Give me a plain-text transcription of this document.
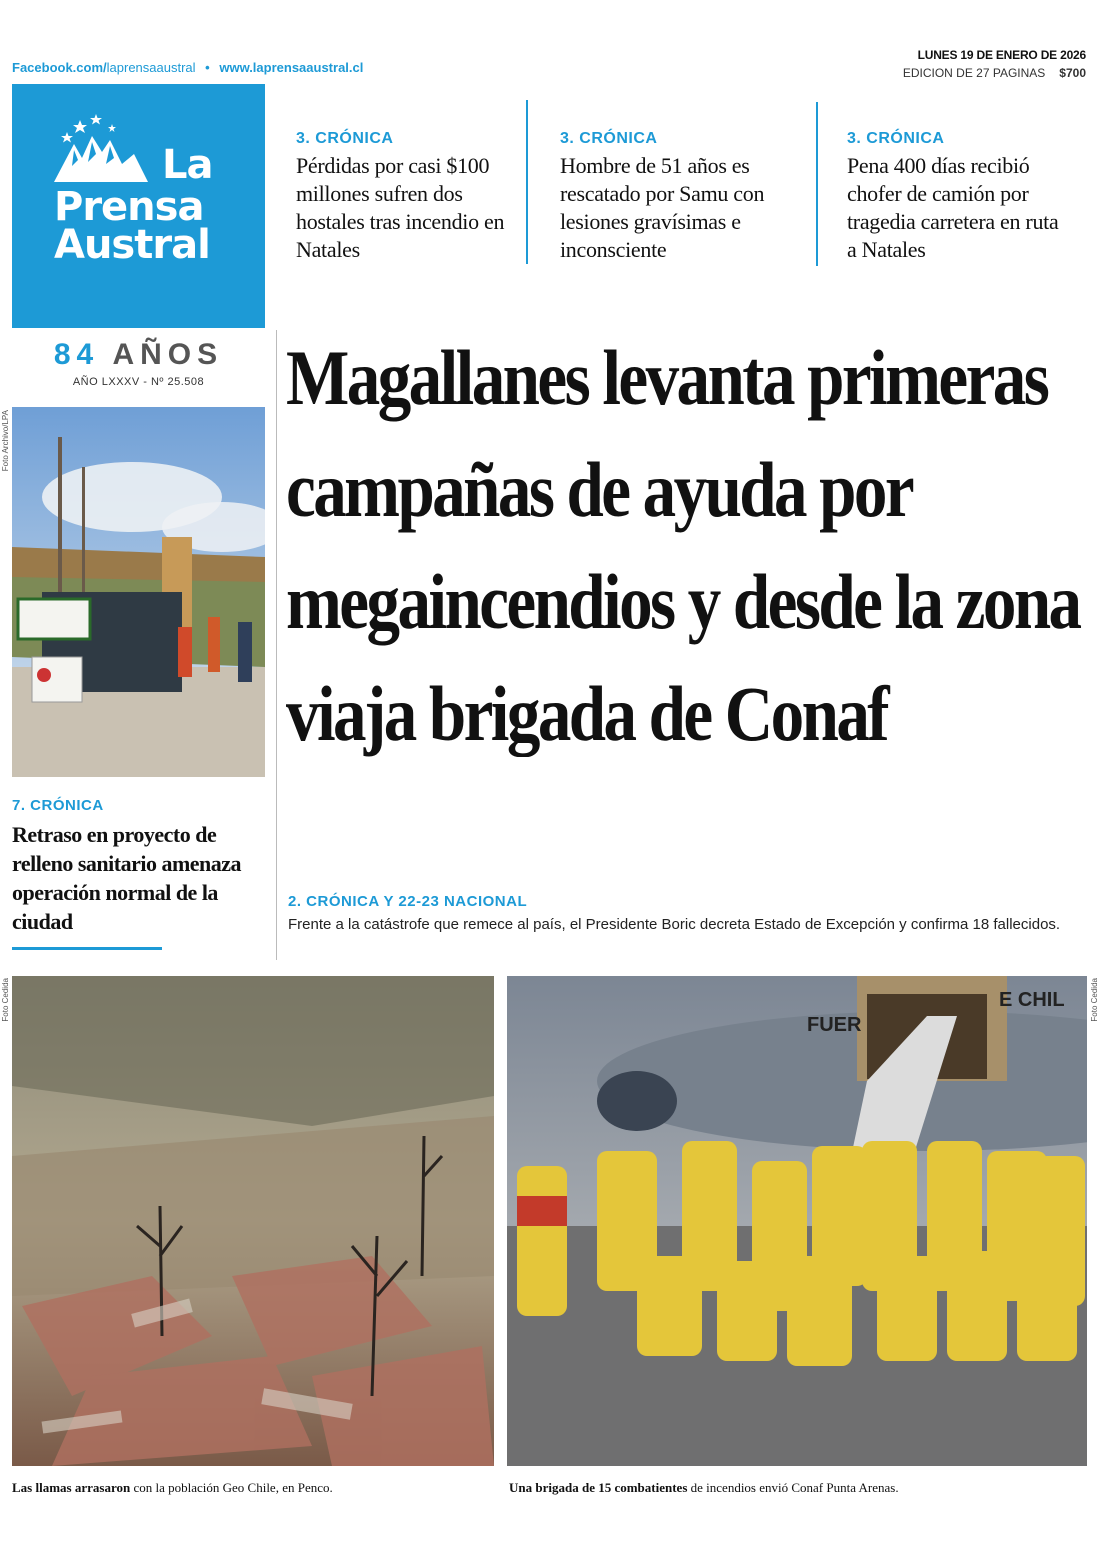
Facebook.com/laprensaaustral • www.laprensaaustral.cl
LUNES 19 DE ENERO DE 2026
EDICION DE 27 PAGINAS $700
La
Prensa
Austral
84 AÑOS
AÑO LXXXV - Nº 25.508
3. CRÓNICA
Pérdidas por casi $100 millones sufren dos hostales tras incendio en Natales
3. CRÓNICA
Hombre de 51 años es rescatado por Samu con lesiones gravísimas e inconsciente
3. CRÓNICA
Pena 400 días recibió chofer de camión por tragedia carretera en ruta a Natales
Magallanes levanta primeras campañas de ayuda por megaincendios y desde la zona viaja brigada de Conaf
2. CRÓNICA Y 22-23 NACIONAL
Frente a la catástrofe que remece al país, el Presidente Boric decreta Estado de Excepción y confirma 18 fallecidos.
Foto Archivo/LPA
7. CRÓNICA
Retraso en proyecto de relleno sanitario amenaza operación normal de la ciudad
Foto Cedida
FUER
E CHIL	Foto Cedida
Las llamas arrasaron con la población Geo Chile, en Penco.	Una brigada de 15 combatientes de incendios envió Conaf Punta Arenas.
